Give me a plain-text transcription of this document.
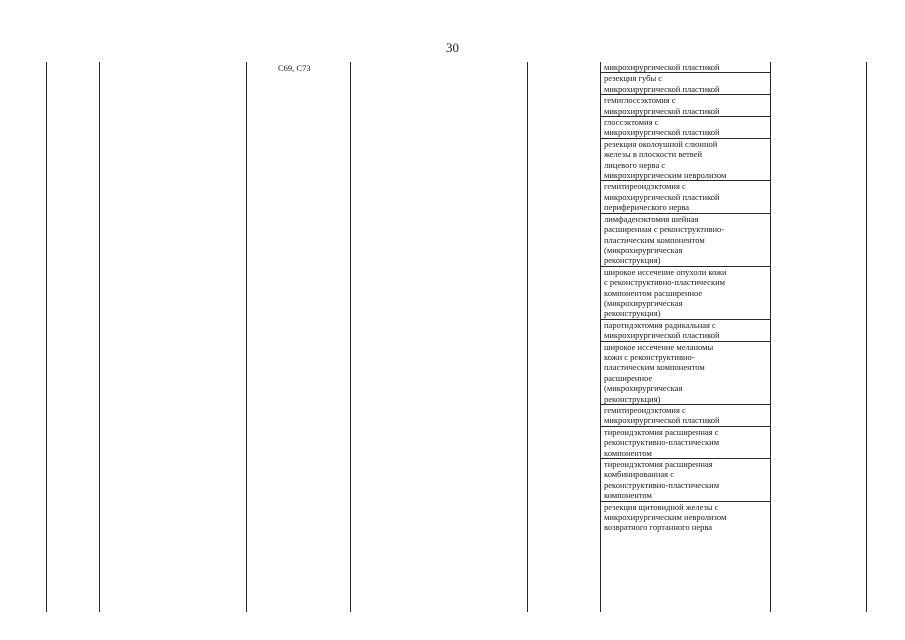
30
C69, C73	микрохирургической пластикой
резекция губы с
микрохирургической пластикой
гемиглоссэктомия с
микрохирургической пластикой
глоссэктомия с
микрохирургической пластикой
резекция околоушной слюнной
железы в плоскости ветвей
лицевого нерва с
микрохирургическим невролизом
гемитиреоидэктомия с
микрохирургической пластикой
периферического нерва
лимфаденэктомия шейная
расширенная с реконструктивно-
пластическим компонентом
(микрохирургическая
реконструкция)
широкое иссечение опухоли кожи
с реконструктивно-пластическим
компонентом расширенное
(микрохирургическая
реконструкция)
паротидэктомия радикальная с
микрохирургической пластикой
широкое иссечение меланомы
кожи с реконструктивно-
пластическим компонентом
расширенное
(микрохирургическая
реконструкция)
гемитиреоидэктомия с
микрохирургической пластикой
тиреоидэктомия расширенная с
реконструктивно-пластическим
компонентом
тиреоидэктомия расширенная
комбинированная с
реконструктивно-пластическим
компонентом
резекция щитовидной железы с
микрохирургическим невролизом
возвратного гортанного нерва
